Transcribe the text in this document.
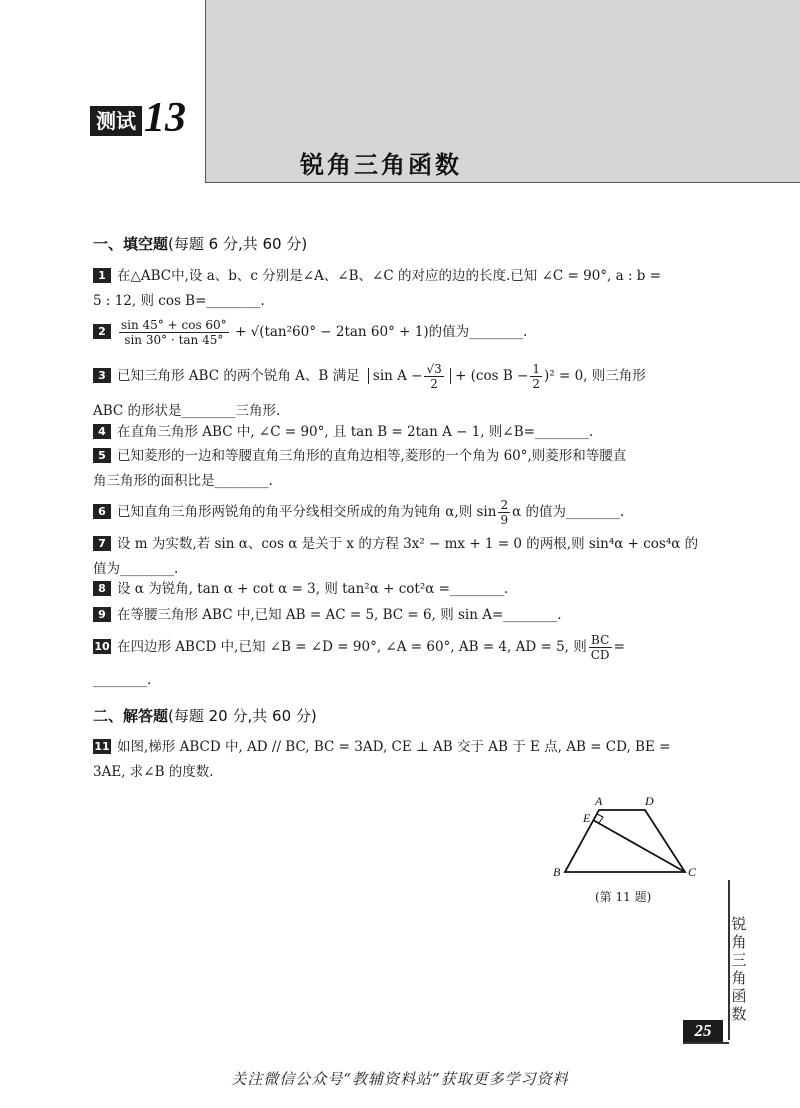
测试 13
锐角三角函数
一、填空题(每题 6 分,共 60 分)
1 在△ABC中,设 a、b、c 分别是∠A、∠B、∠C 的对应的边的长度.已知 ∠C = 90°, a : b =
5 : 12, 则 cos B=________.
$2 \frac{\sin 45^\circ + \cos 60^\circ}{\sin 30^\circ \cdot \tan 45^\circ} + √(\tan^260^\circ - 2\tan$ 60° + 1)的值为________.
3 已知三角形 ABC 的两个锐角 A、B 满足 $\sin A - \frac{√3}{2} + (\cos$ $B - \frac{1}{2} )^2 = 0$, 则三角形

ABC 的形状是________三角形.
4 在直角三角形 ABC 中, ∠C = 90°, 且 tan B = 2tan A − 1, 则∠B=________.
5 已知菱形的一边和等腰直角三角形的直角边相等,菱形的一个角为 60°,则菱形和等腰直
角三角形的面积比是________.
6 已知直角三角形两锐角的角平分线相交所成的角为钝角 α,则 $\sin \frac{2}{9}$ α 的值为________.
7 设 m 为实数,若 sin α、cos α 是关于 x 的方程 3x² − mx + 1 = 0 的两根,则 sin⁴α + cos⁴α 的
值为________.
8 设 α 为锐角, tan α + cot α = 3, 则 tan²α + cot²α =________.
9 在等腰三角形 ABC 中,已知 AB = AC = 5, BC = 6, 则 sin A=________.
10 在四边形 ABCD 中,已知 ∠B = ∠D = 90°, ∠A = 60°, AB = 4, AD = 5, 则 $\frac{BC}{CD}$ =

________.
二、解答题(每题 20 分,共 60 分)
11 如图,梯形 ABCD 中, AD // BC, BC = 3AD, CE ⊥ AB 交于 AB 于 E 点, AB = CD, BE =
3AE, 求∠B 的度数.
A	D
E
B	C
(第 11 题)
锐角三角函数
25
关注微信公众号“教辅资料站”获取更多学习资料
